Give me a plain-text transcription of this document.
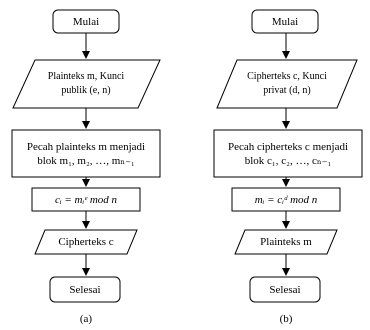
Mulai
Plainteks m, Kunci
publik (e, n)
Pecah plainteks m menjadi
blok m₁, m₂, …, mₙ₋₁
cᵢ = mᵢᵉ mod n
Cipherteks c
Selesai
(a)
Mulai
Cipherteks c, Kunci
privat (d, n)
Pecah cipherteks c menjadi
blok c₁, c₂, …, cₙ₋₁
mᵢ = cᵢᵈ mod n
Plainteks m
Selesai
(b)
